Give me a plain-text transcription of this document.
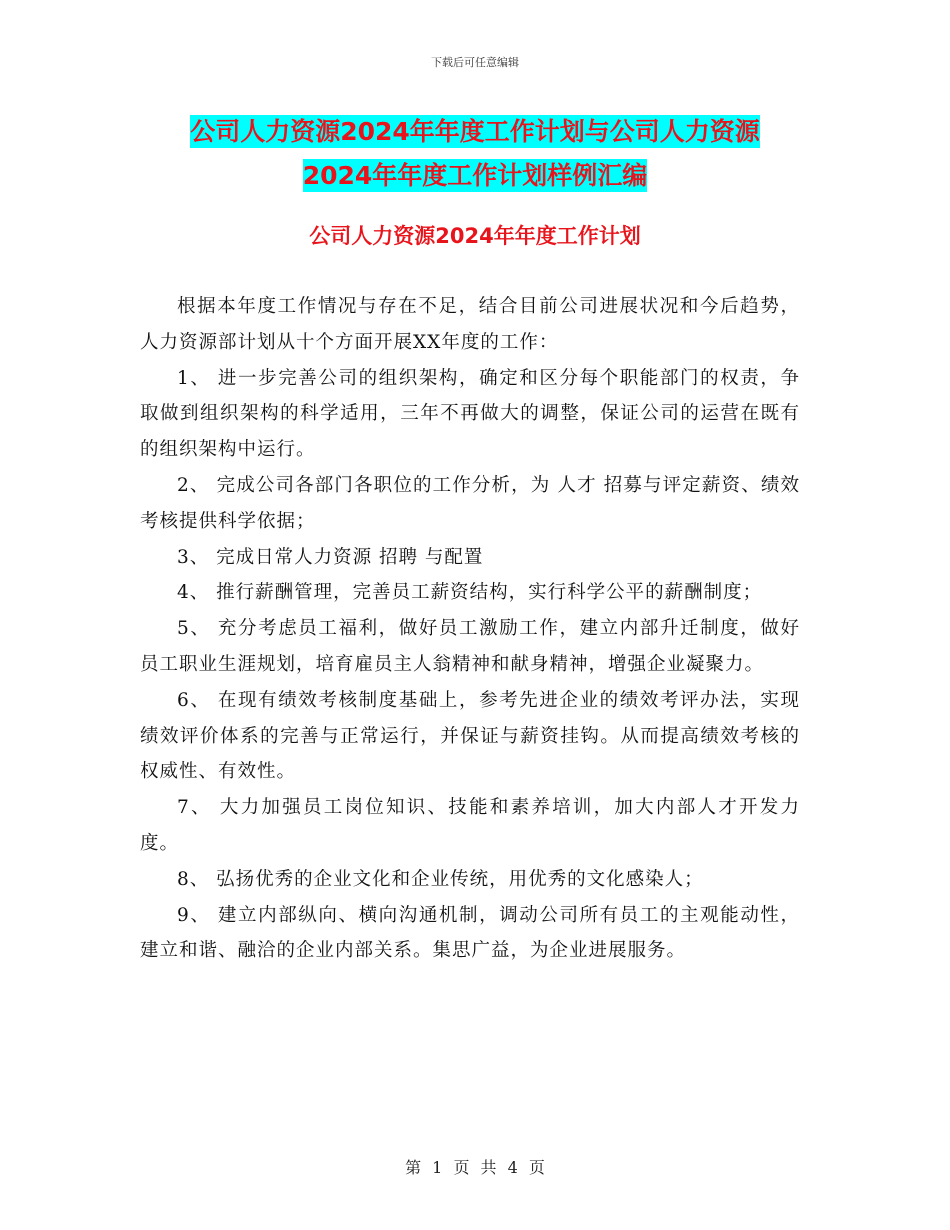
下载后可任意编辑
公司人力资源2024年年度工作计划与公司人力资源
2024年年度工作计划样例汇编
公司人力资源2024年年度工作计划

根据本年度工作情况与存在不足，结合目前公司进展状况和今后趋势，人力资源部计划从十个方面开展XX年度的工作：

1、 进一步完善公司的组织架构，确定和区分每个职能部门的权责，争取做到组织架构的科学适用，三年不再做大的调整，保证公司的运营在既有的组织架构中运行。

2、 完成公司各部门各职位的工作分析，为 人才 招募与评定薪资、绩效考核提供科学依据；

3、 完成日常人力资源 招聘 与配置

4、 推行薪酬管理，完善员工薪资结构，实行科学公平的薪酬制度；

5、 充分考虑员工福利，做好员工激励工作，建立内部升迁制度，做好员工职业生涯规划，培育雇员主人翁精神和献身精神，增强企业凝聚力。

6、 在现有绩效考核制度基础上，参考先进企业的绩效考评办法，实现绩效评价体系的完善与正常运行，并保证与薪资挂钩。从而提高绩效考核的权威性、有效性。

7、 大力加强员工岗位知识、技能和素养培训，加大内部人才开发力度。

8、 弘扬优秀的企业文化和企业传统，用优秀的文化感染人；

9、 建立内部纵向、横向沟通机制，调动公司所有员工的主观能动性，建立和谐、融洽的企业内部关系。集思广益，为企业进展服务。

第 1 页 共 4 页
